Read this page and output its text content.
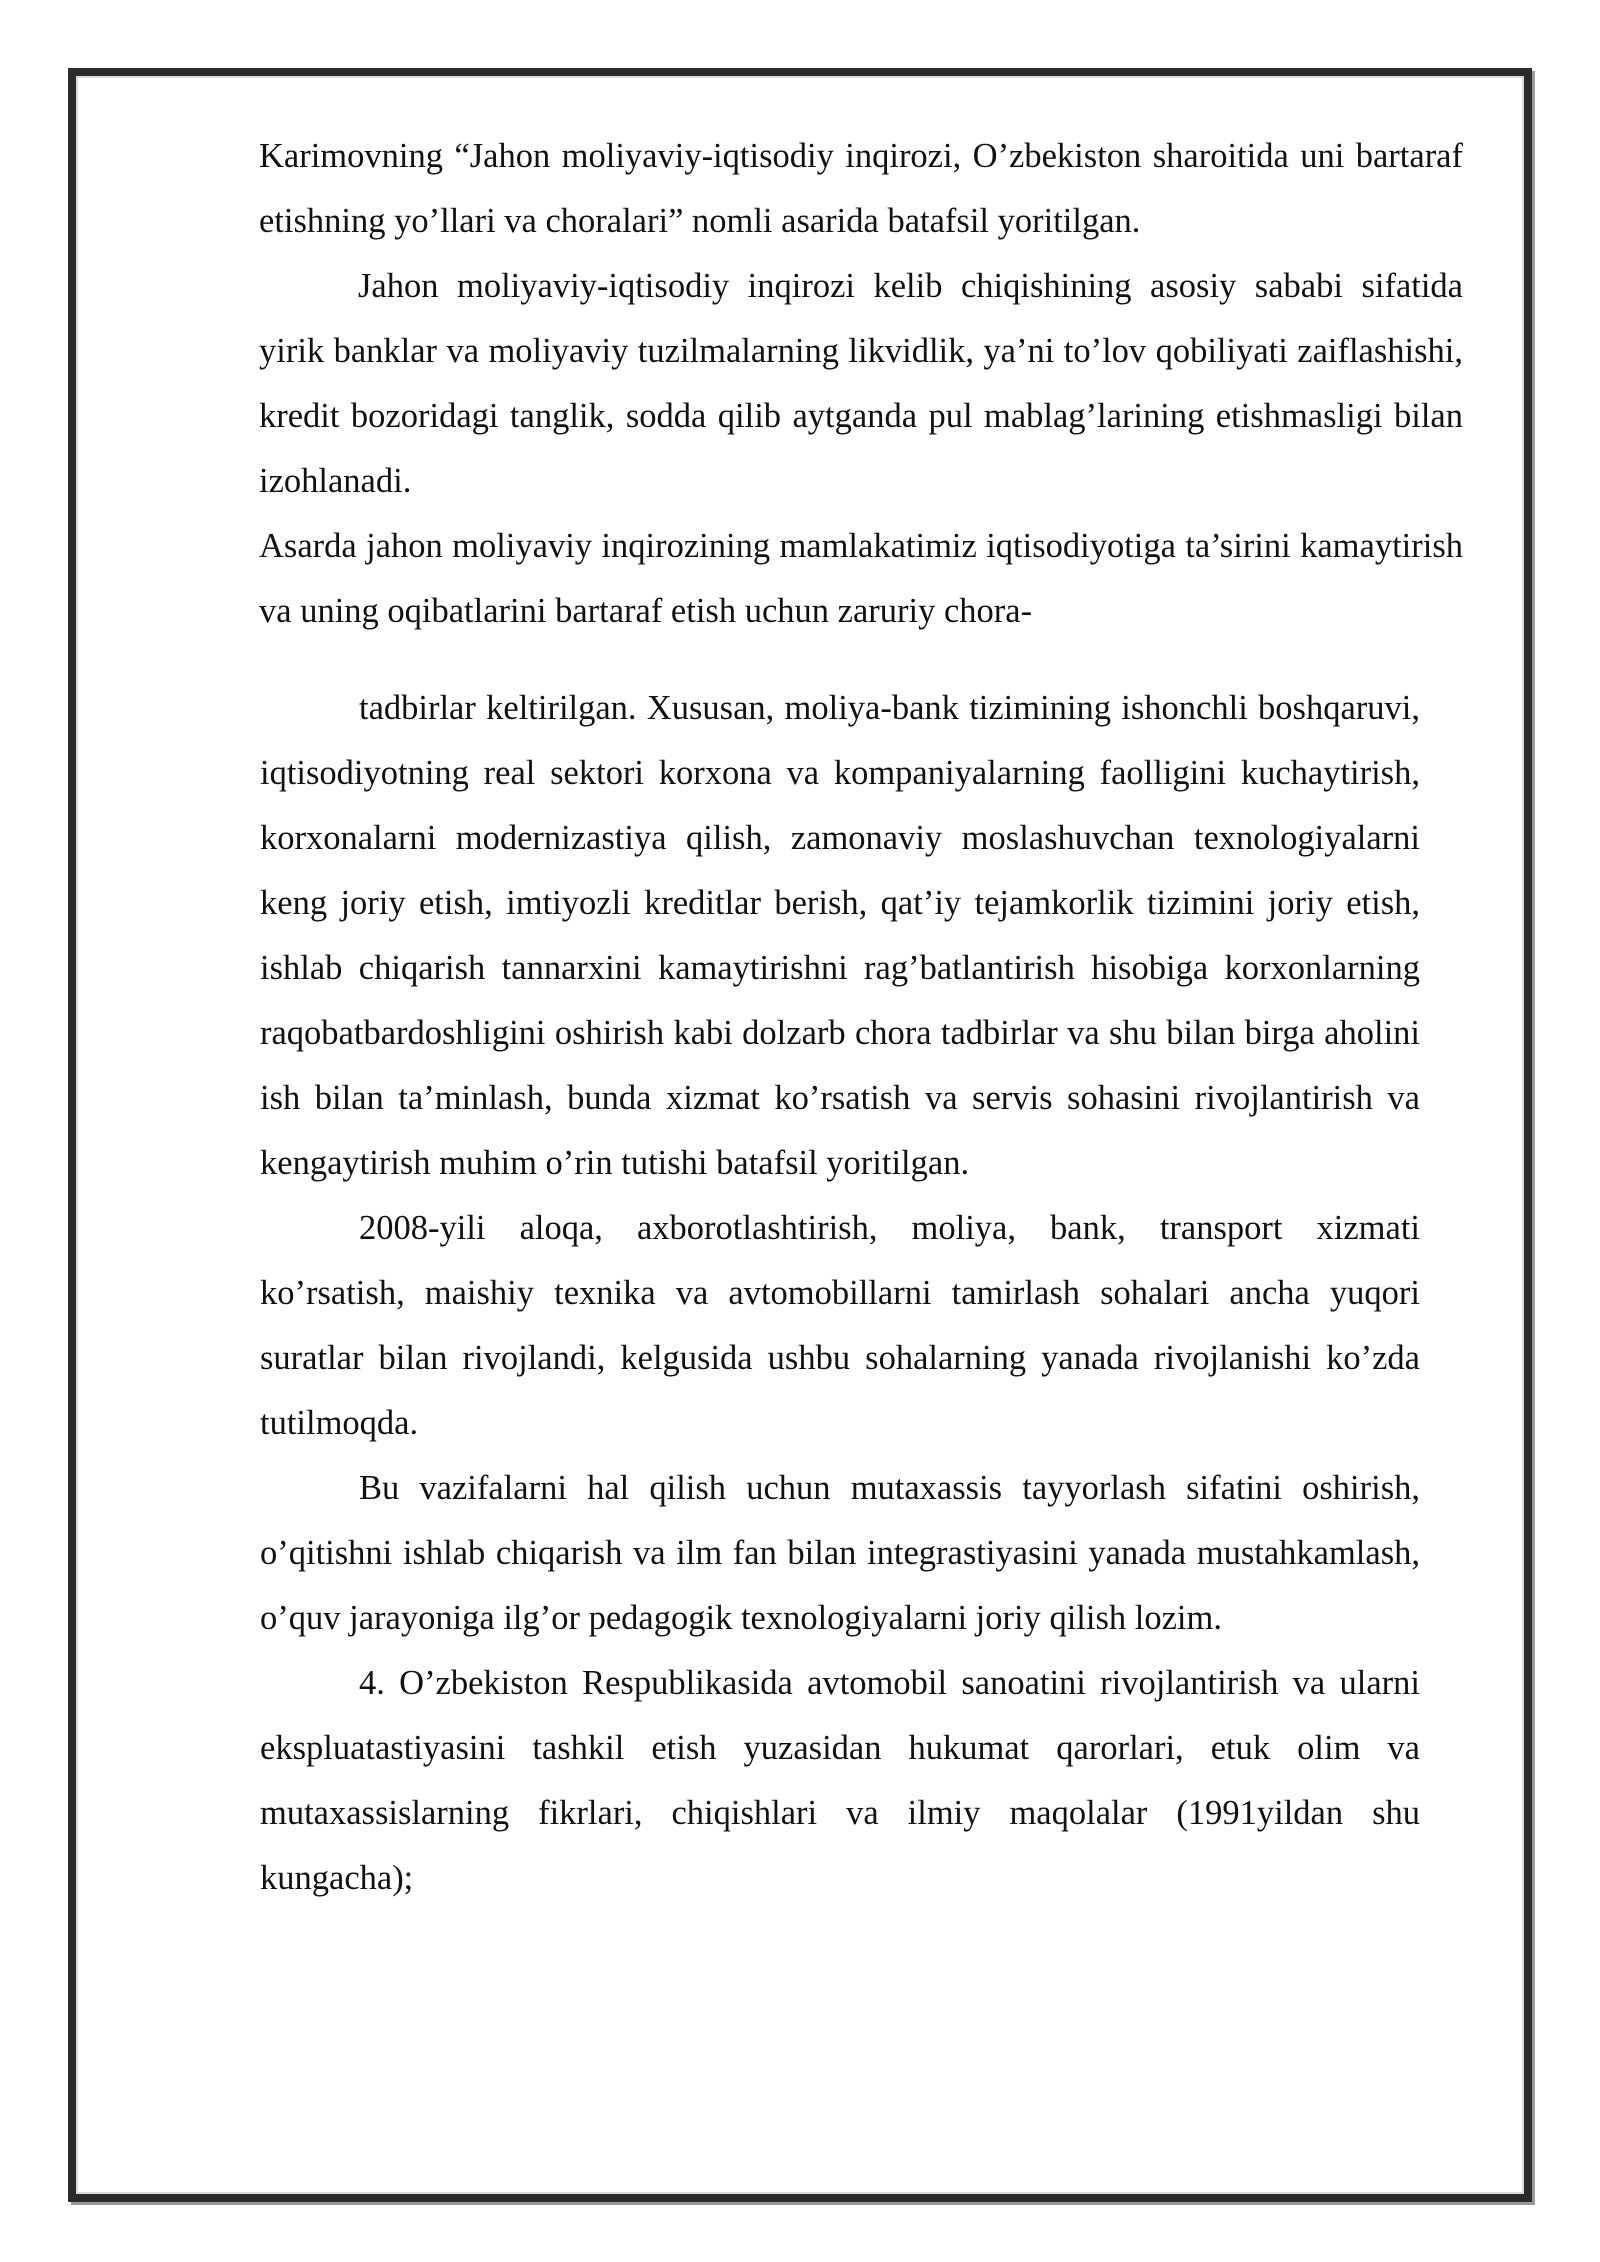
Karimovning “Jahon moliyaviy-iqtisodiy inqirozi, O’zbekiston sharoitida uni bartaraf etishning yo’llari va choralari” nomli asarida batafsil yoritilgan.

Jahon moliyaviy-iqtisodiy inqirozi kelib chiqishining asosiy sababi sifatida yirik banklar va moliyaviy tuzilmalarning likvidlik, ya’ni to’lov qobiliyati zaiflashishi, kredit bozoridagi tanglik, sodda qilib aytganda pul mablag’larining etishmasligi bilan izohlanadi.

Asarda jahon moliyaviy inqirozining mamlakatimiz iqtisodiyotiga ta’sirini kamaytirish va uning oqibatlarini bartaraf etish uchun zaruriy chora-

tadbirlar keltirilgan. Xususan, moliya-bank tizimining ishonchli boshqaruvi, iqtisodiyotning real sektori korxona va kompaniyalarning faolligini kuchaytirish, korxonalarni modernizastiya qilish, zamonaviy moslashuvchan texnologiyalarni keng joriy etish, imtiyozli kreditlar berish, qat’iy tejamkorlik tizimini joriy etish, ishlab chiqarish tannarxini kamaytirishni rag’batlantirish hisobiga korxonlarning raqobatbardoshligini oshirish kabi dolzarb chora tadbirlar va shu bilan birga aholini ish bilan ta’minlash, bunda xizmat ko’rsatish va servis sohasini rivojlantirish va kengaytirish muhim o’rin tutishi batafsil yoritilgan.

2008-yili aloqa, axborotlashtirish, moliya, bank, transport xizmati ko’rsatish, maishiy texnika va avtomobillarni tamirlash sohalari ancha yuqori suratlar bilan rivojlandi, kelgusida ushbu sohalarning yanada rivojlanishi ko’zda tutilmoqda.

Bu vazifalarni hal qilish uchun mutaxassis tayyorlash sifatini oshirish, o’qitishni ishlab chiqarish va ilm fan bilan integrastiyasini yanada mustahkamlash, o’quv jarayoniga ilg’or pedagogik texnologiyalarni joriy qilish lozim.

4. O’zbekiston Respublikasida avtomobil sanoatini rivojlantirish va ularni ekspluatastiyasini tashkil etish yuzasidan hukumat qarorlari, etuk olim va mutaxassislarning fikrlari, chiqishlari va ilmiy maqolalar (1991yildan shu kungacha);
